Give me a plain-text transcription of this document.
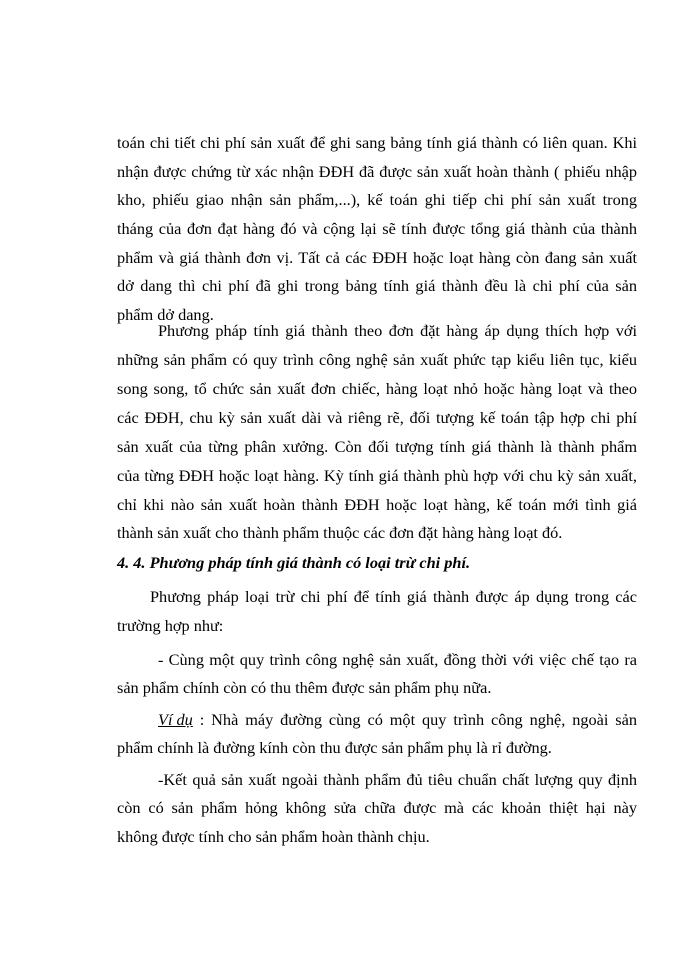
toán chi tiết chi phí sản xuất để ghi sang bảng tính giá thành có liên quan. Khi
nhận được chứng từ xác nhận ĐĐH đã được sản xuất hoàn thành ( phiếu nhập
kho, phiếu giao nhận sản phẩm,...), kế toán ghi tiếp chi phí sản xuất trong
tháng của đơn đạt hàng đó và cộng lại sẽ tính được tổng giá thành của thành
phẩm và giá thành đơn vị. Tất cả các ĐĐH hoặc loạt hàng còn đang sản xuất
dở dang thì chi phí đã ghi trong bảng tính giá thành đều là chi phí của sản
phẩm dở dang.
Phương pháp tính giá thành theo đơn đặt hàng áp dụng thích hợp với
những sản phẩm có quy trình công nghệ sản xuất phức tạp kiểu liên tục, kiểu
song song, tổ chức sản xuất đơn chiếc, hàng loạt nhỏ hoặc hàng loạt và theo
các ĐĐH, chu kỳ sản xuất dài và riêng rẽ, đối tượng kế toán tập hợp chi phí
sản xuất của từng phân xưởng. Còn đối tượng tính giá thành là thành phẩm
của từng ĐĐH hoặc loạt hàng. Kỳ tính giá thành phù hợp với chu kỳ sản xuất,
chỉ khi nào sản xuất hoàn thành ĐĐH hoặc loạt hàng, kế toán mới tình giá
thành sản xuất cho thành phẩm thuộc các đơn đặt hàng hàng loạt đó.
4. 4. Phương pháp tính giá thành có loại trừ chi phí.
Phương pháp loại trừ chi phí để tính giá thành được áp dụng trong các
trường hợp như:
- Cùng một quy trình công nghệ sản xuất, đồng thời với việc chế tạo ra
sản phẩm chính còn có thu thêm được sản phẩm phụ nữa.
Ví dụ : Nhà máy đường cùng có một quy trình công nghệ, ngoài sản
phẩm chính là đường kính còn thu được sản phẩm phụ là rỉ đường.
-Kết quả sản xuất ngoài thành phẩm đủ tiêu chuẩn chất lượng quy định
còn có sản phẩm hỏng không sửa chữa được mà các khoản thiệt hại này
không được tính cho sản phẩm hoàn thành chịu.
